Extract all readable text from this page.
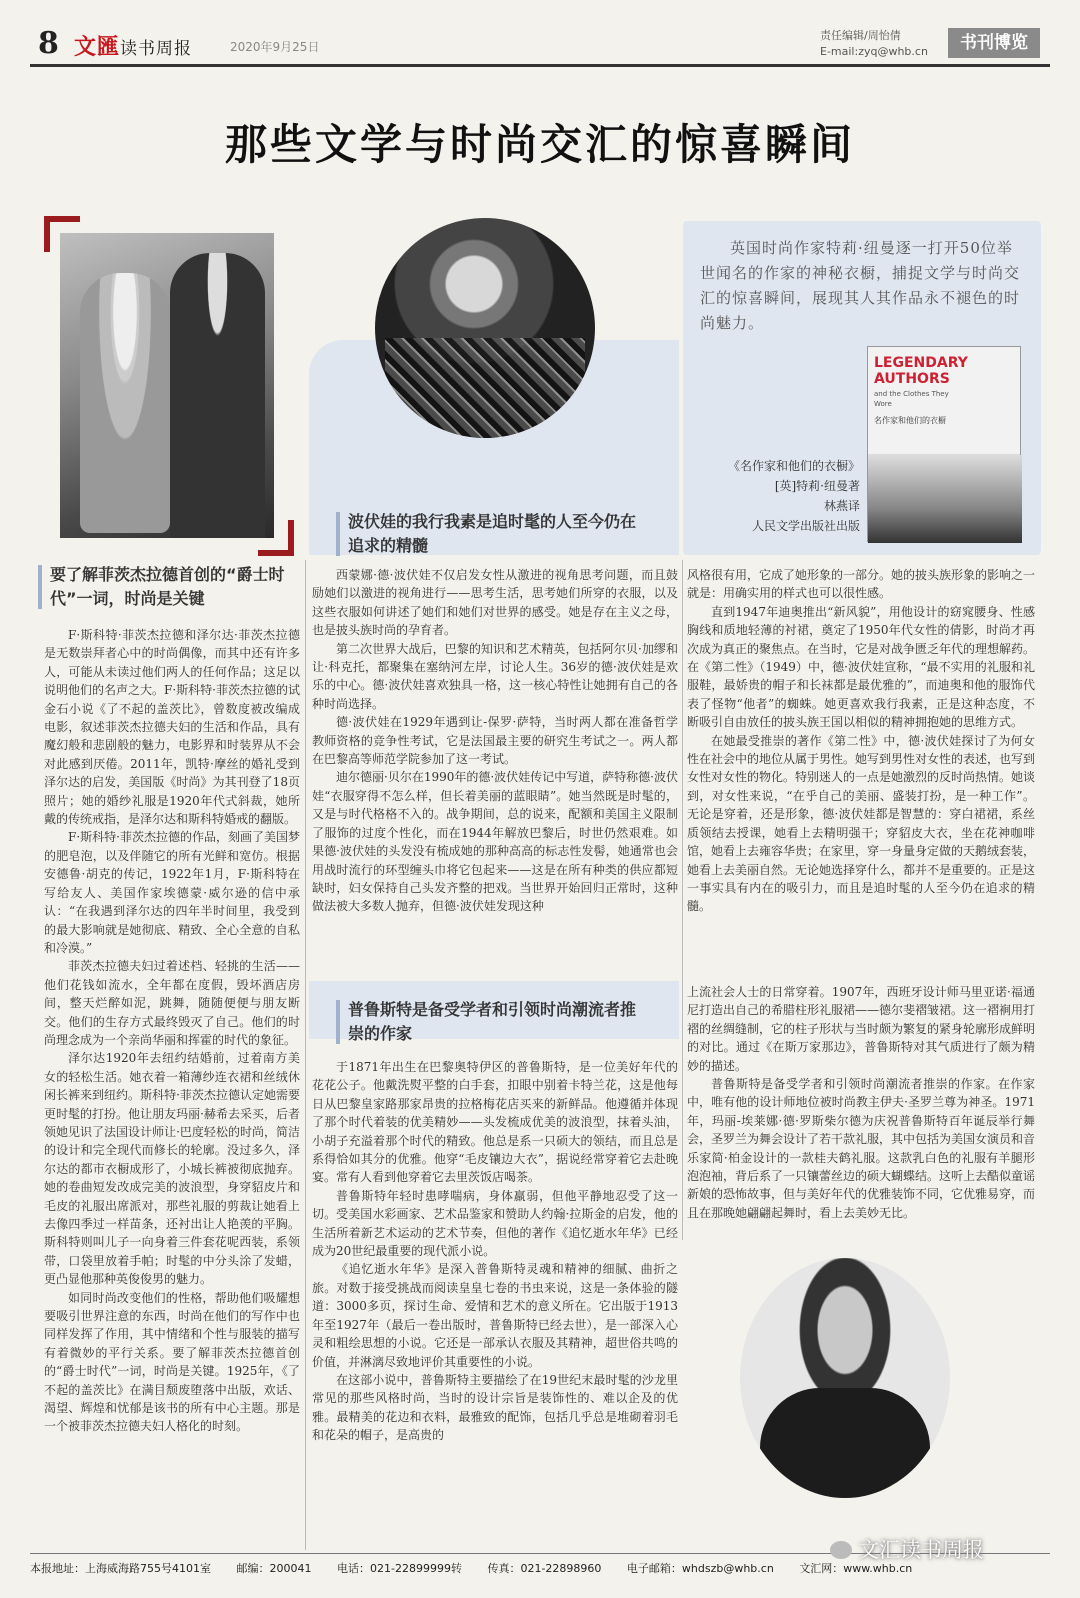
8 文匯读书周报	2020年9月25日
责任编辑/周怡倩
E-mail:zyq@whb.cn	书刊博览
那些文学与时尚交汇的惊喜瞬间
英国时尚作家特莉·纽曼逐一打开50位举世闻名的作家的神秘衣橱，捕捉文学与时尚交汇的惊喜瞬间，展现其人其作品永不褪色的时尚魅力。
LEGENDARY AUTHORS
and the Clothes They Wore
名作家和他们的衣橱
《名作家和他们的衣橱》
[英]特莉·纽曼著
林燕译
人民文学出版社出版
要了解菲茨杰拉德首创的“爵士时代”一词，时尚是关键
波伏娃的我行我素是追时髦的人至今仍在追求的精髓
普鲁斯特是备受学者和引领时尚潮流者推崇的作家

F·斯科特·菲茨杰拉德和泽尔达·菲茨杰拉德是无数崇拜者心中的时尚偶像，而其中还有许多人，可能从未读过他们两人的任何作品；这足以说明他们的名声之大。F·斯科特·菲茨杰拉德的试金石小说《了不起的盖茨比》，曾数度被改编成电影，叙述菲茨杰拉德夫妇的生活和作品，具有魔幻般和悲剧般的魅力，电影界和时装界从不会对此感到厌倦。2011年，凯特·摩丝的婚礼受到泽尔达的启发，美国版《时尚》为其刊登了18页照片；她的婚纱礼服是1920年代式斜裁，她所戴的传统戒指，是泽尔达和斯科特婚戒的翻版。

F·斯科特·菲茨杰拉德的作品，刻画了美国梦的肥皂泡，以及伴随它的所有光鲜和宽仿。根据安德鲁·胡克的传记，1922年1月，F·斯科特在写给友人、美国作家埃德蒙·威尔逊的信中承认：“在我遇到泽尔达的四年半时间里，我受到的最大影响就是她彻底、精致、全心全意的自私和冷漠。”

菲茨杰拉德夫妇过着述档、轻挑的生活——他们花钱如流水，全年都在度假，毁坏酒店房间，整天烂醉如泥，跳舞，随随便便与朋友断交。他们的生存方式最终毁灭了自己。他们的时尚理念成为一个亲尚华丽和挥霍的时代的象征。

泽尔达1920年去纽约结婚前，过着南方美女的轻松生活。她衣着一箱薄纱连衣裙和丝绒休闲长裤来到纽约。斯科特·菲茨杰拉德认定她需要更时髦的打扮。他让朋友玛丽·赫希去采买，后者领她见识了法国设计师让·巴度轻松的时尚，简洁的设计和完全现代而修长的轮廓。没过多久，泽尔达的都市衣橱成形了，小城长裤被彻底抛弃。她的卷曲短发改成完美的波浪型，身穿貂皮片和毛皮的礼服出席派对，那些礼服的剪裁让她看上去像四季过一样苗条，还衬出让人艳羡的平胸。斯科特则叫儿子一向身着三件套花呢西装，系领带，口袋里放着手帕；时髦的中分头涂了发蜡，更凸显他那种英俊俊男的魅力。

如同时尚改变他们的性格，帮助他们吸耀想要吸引世界注意的东西，时尚在他们的写作中也同样发挥了作用，其中情绪和个性与服装的描写有着微妙的平行关系。要了解菲茨杰拉德首创的“爵士时代”一词，时尚是关键。1925年，《了不起的盖茨比》在满目颓废堕落中出版，欢话、渴望、辉煌和忧郁是该书的所有中心主题。那是一个被菲茨杰拉德夫妇人格化的时刻。

西蒙娜·德·波伏娃不仅启发女性从激进的视角思考问题，而且鼓励她们以激进的视角进行——思考生活，思考她们所穿的衣服，以及这些衣服如何讲述了她们和她们对世界的感受。她是存在主义之母，也是披头族时尚的孕育者。

第二次世界大战后，巴黎的知识和艺术精英，包括阿尔贝·加缪和让·科克托，都聚集在塞纳河左岸，讨论人生。36岁的德·波伏娃是欢乐的中心。德·波伏娃喜欢独具一格，这一核心特性让她拥有自己的各种时尚选择。

德·波伏娃在1929年遇到让-保罗·萨特，当时两人都在准备哲学教师资格的竞争性考试，它是法国最主要的研究生考试之一。两人都在巴黎高等师范学院参加了这一考试。

迪尔德丽·贝尔在1990年的德·波伏娃传记中写道，萨特称德·波伏娃“衣服穿得不怎么样，但长着美丽的蓝眼睛”。她当然既是时髦的，又是与时代格格不入的。战争期间，总的说来，配额和美国主义限制了服饰的过度个性化，而在1944年解放巴黎后，时世仍然艰难。如果德·波伏娃的头发没有梳成她的那种高高的标志性发髻，她通常也会用战时流行的环型缠头巾将它包起来——这是在所有种类的供应都短缺时，妇女保持自己头发齐整的把戏。当世界开始回归正常时，这种做法被大多数人抛弃，但德·波伏娃发现这种

风格很有用，它成了她形象的一部分。她的披头族形象的影响之一就是：用确实用的样式也可以很性感。

直到1947年迪奥推出“新风貌”，用他设计的窈窕腰身、性感胸线和质地轻薄的衬裙，奠定了1950年代女性的倩影，时尚才再次成为真正的聚焦点。在当时，它是对战争匮乏年代的理想解药。在《第二性》（1949）中，德·波伏娃宣称，“最不实用的礼服和礼服鞋，最娇贵的帽子和长袜都是最优雅的”，而迪奥和他的服饰代表了怪物“他者”的蜘蛛。她更喜欢我行我素，正是这种态度，不断吸引自由放任的披头族王国以相似的精神拥抱她的思维方式。

在她最受推崇的著作《第二性》中，德·波伏娃探讨了为何女性在社会中的地位从属于男性。她写到男性对女性的表述，也写到女性对女性的物化。特别迷人的一点是她激烈的反时尚热情。她谈到，对女性来说，“在乎自己的美丽、盛装打扮，是一种工作”。无论是穿着，还是形象，德·波伏娃都是智慧的：穿白裙裙，系丝质领结去授课，她看上去精明强干；穿貂皮大衣，坐在花神咖啡馆，她看上去雍容华贵；在家里，穿一身量身定做的天鹅绒套装，她看上去美丽自然。无论她选择穿什么，都并不是重要的。正是这一事实具有内在的吸引力，而且是追时髦的人至今仍在追求的精髓。

于1871年出生在巴黎奥特伊区的普鲁斯特，是一位美好年代的花花公子。他戴洗熨平整的白手套，扣眼中别着卡特兰花，这是他每日从巴黎皇家路那家昂贵的拉格梅花店买来的新鲜品。他遵循并体现了那个时代着装的优美精妙——头发梳成优美的波浪型，抹着头油，小胡子充溢着那个时代的精致。他总是系一只硕大的领结，而且总是系得恰如其分的优雅。他穿“毛皮镶边大衣”，据说经常穿着它去赴晚宴。常有人看到他穿着它去里茨饭店喝茶。

普鲁斯特年轻时患哮喘病，身体羸弱，但他平静地忍受了这一切。受美国水彩画家、艺术品鉴家和赞助人约翰·拉斯金的启发，他的生活所着新艺术运动的艺术节奏，但他的著作《追忆逝水年华》已经成为20世纪最重要的现代派小说。

《追忆逝水年华》是深入普鲁斯特灵魂和精神的细腻、曲折之旅。对数于接受挑战而阅读皇皇七卷的书虫来说，这是一条体验的隧道：3000多页，探讨生命、爱情和艺术的意义所在。它出版于1913年至1927年（最后一卷出版时，普鲁斯特已经去世），是一部深入心灵和粗绘思想的小说。它还是一部承认衣服及其精神，超世俗共鸣的价值，并淋漓尽致地评价其重要性的小说。

在这部小说中，普鲁斯特主要描绘了在19世纪末最时髦的沙龙里常见的那些风格时尚，当时的设计宗旨是装饰性的、难以企及的优雅。最精美的花边和衣料，最雅致的配饰，包括几乎总是堆砌着羽毛和花朵的帽子，是高贵的

上流社会人士的日常穿着。1907年，西班牙设计师马里亚诺·福通尼打造出自己的希腊柱形礼服裙——德尔斐褶皱裙。这一褶裥用打褶的丝绸缝制，它的柱子形状与当时颇为繁复的紧身轮廓形成鲜明的对比。通过《在斯万家那边》，普鲁斯特对其气质进行了颇为精妙的描述。

普鲁斯特是备受学者和引领时尚潮流者推崇的作家。在作家中，唯有他的设计师地位被时尚教主伊夫·圣罗兰尊为神圣。1971年，玛丽-埃莱娜·德·罗斯柴尔德为庆祝普鲁斯特百年诞辰举行舞会，圣罗兰为舞会设计了若干款礼服，其中包括为美国女演员和音乐家简·柏金设计的一款桂夫鹤礼服。这款乳白色的礼服有羊腿形泡泡袖，背后系了一只镶蕾丝边的硕大蝴蝶结。这听上去酷似童谣新娘的恐怖故事，但与美好年代的优雅装饰不同，它优雅易穿，而且在那晚她翩翩起舞时，看上去美妙无比。

本报地址：上海威海路755号4101室 邮编：200041 电话：021-22899999转 传真：021-22898960 电子邮箱：whdszb@whb.cn 文汇网：www.whb.cn
文汇读书周报
